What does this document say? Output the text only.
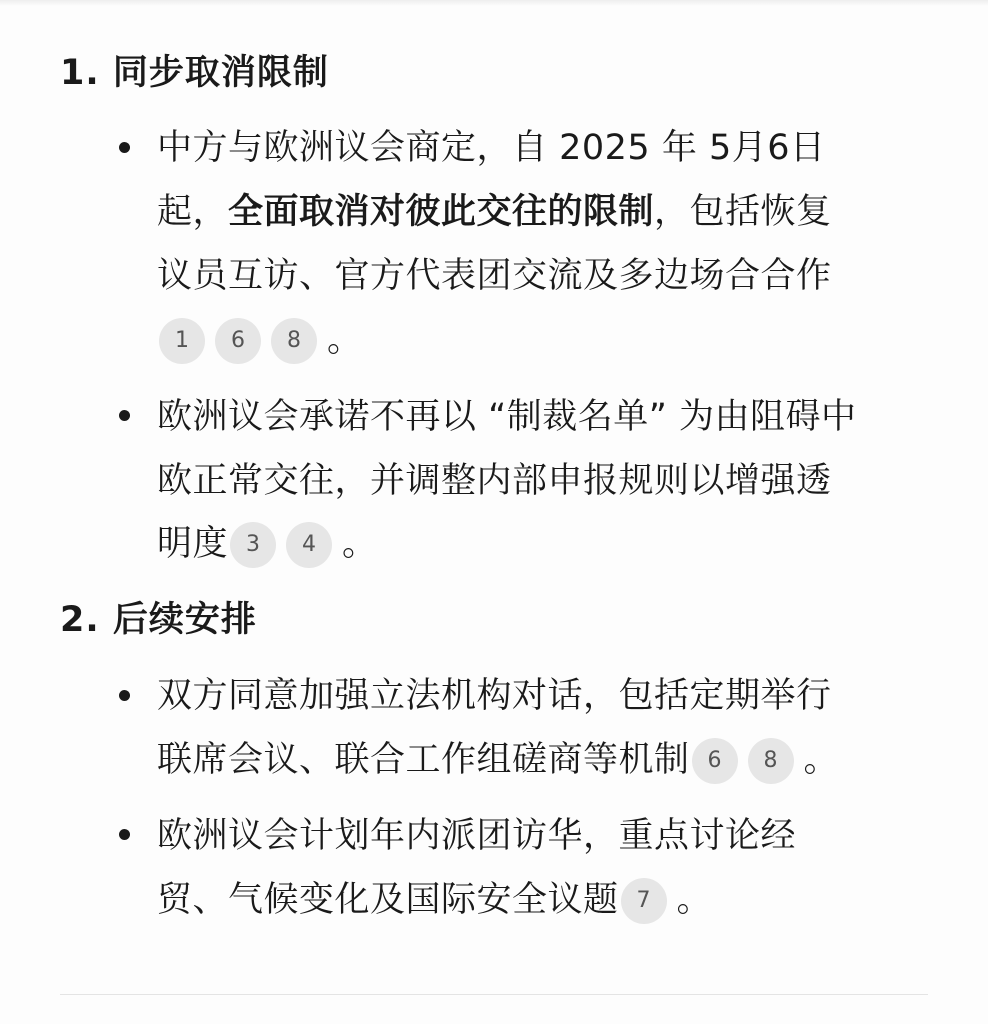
1. 同步取消限制
中方与欧洲议会商定，自 2025 年 5月6日
起，全面取消对彼此交往的限制，包括恢复
议员互访、官方代表团交流及多边场合合作
1 6 8 。
欧洲议会承诺不再以 “制裁名单” 为由阻碍中
欧正常交往，并调整内部申报规则以增强透
明度 3 4 。
2. 后续安排
双方同意加强立法机构对话，包括定期举行
联席会议、联合工作组磋商等机制 6 8 。
欧洲议会计划年内派团访华，重点讨论经
贸、气候变化及国际安全议题 7 。
